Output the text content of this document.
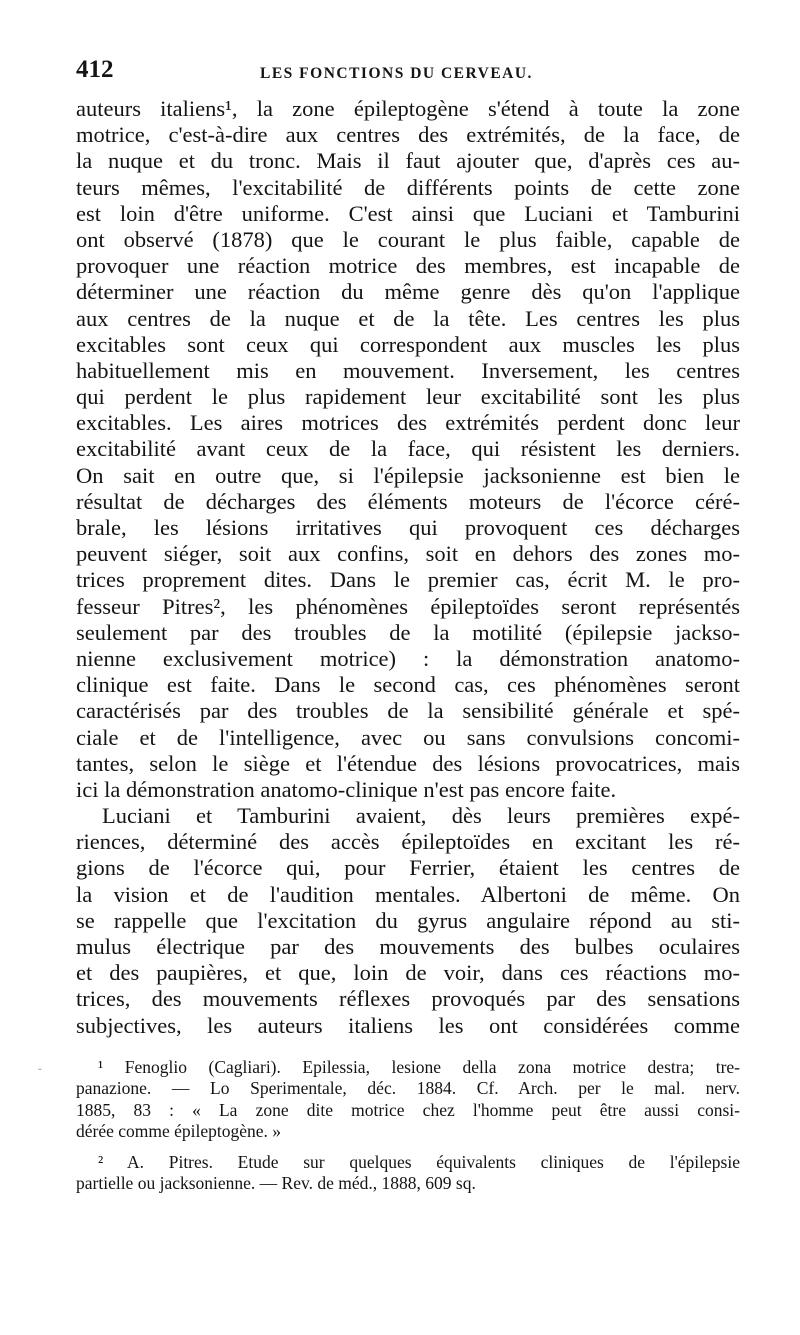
412	LES FONCTIONS DU CERVEAU.
auteurs italiens¹, la zone épileptogène s'étend à toute la zone
motrice, c'est-à-dire aux centres des extrémités, de la face, de
la nuque et du tronc. Mais il faut ajouter que, d'après ces au-
teurs mêmes, l'excitabilité de différents points de cette zone
est loin d'être uniforme. C'est ainsi que Luciani et Tamburini
ont observé (1878) que le courant le plus faible, capable de
provoquer une réaction motrice des membres, est incapable de
déterminer une réaction du même genre dès qu'on l'applique
aux centres de la nuque et de la tête. Les centres les plus
excitables sont ceux qui correspondent aux muscles les plus
habituellement mis en mouvement. Inversement, les centres
qui perdent le plus rapidement leur excitabilité sont les plus
excitables. Les aires motrices des extrémités perdent donc leur
excitabilité avant ceux de la face, qui résistent les derniers.
On sait en outre que, si l'épilepsie jacksonienne est bien le
résultat de décharges des éléments moteurs de l'écorce céré-
brale, les lésions irritatives qui provoquent ces décharges
peuvent siéger, soit aux confins, soit en dehors des zones mo-
trices proprement dites. Dans le premier cas, écrit M. le pro-
fesseur Pitres², les phénomènes épileptoïdes seront représentés
seulement par des troubles de la motilité (épilepsie jackso-
nienne exclusivement motrice) : la démonstration anatomo-
clinique est faite. Dans le second cas, ces phénomènes seront
caractérisés par des troubles de la sensibilité générale et spé-
ciale et de l'intelligence, avec ou sans convulsions concomi-
tantes, selon le siège et l'étendue des lésions provocatrices, mais
ici la démonstration anatomo-clinique n'est pas encore faite.
Luciani et Tamburini avaient, dès leurs premières expé-
riences, déterminé des accès épileptoïdes en excitant les ré-
gions de l'écorce qui, pour Ferrier, étaient les centres de
la vision et de l'audition mentales. Albertoni de même. On
se rappelle que l'excitation du gyrus angulaire répond au sti-
mulus électrique par des mouvements des bulbes oculaires
et des paupières, et que, loin de voir, dans ces réactions mo-
trices, des mouvements réflexes provoqués par des sensations
subjectives, les auteurs italiens les ont considérées comme
¹ Fenoglio (Cagliari). Epilessia, lesione della zona motrice destra; tre-
panazione. — Lo Sperimentale, déc. 1884. Cf. Arch. per le mal. nerv.
1885, 83 : « La zone dite motrice chez l'homme peut être aussi consi-
dérée comme épileptogène. »
² A. Pitres. Etude sur quelques équivalents cliniques de l'épilepsie
partielle ou jacksonienne. — Rev. de méd., 1888, 609 sq.
ˇ
